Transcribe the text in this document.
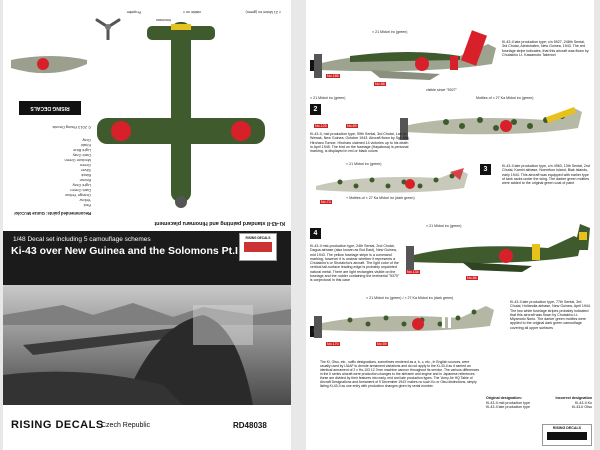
Ki-43-II standard painting and Hinomaru placement
Recommended paints: Gunze Mr.Color
Red
Yellow
Orange Yellow
Dark Green
Light Gray
Brown
Black
Silver
Green
Medium Green
Dark Gray
Light Blue
Khaki
Gray
© 2013 Rising Decals
RISING DECALS
Propeller	× 21 Midori iro (green)
visible on ×
hinomaru
1/48 Decal set including 5 camouflage schemes
Ki-43 over New Guinea and the Solomons Pt.I
RISING DECALS
RISING DECALS
Czech Republic	RD48038
× 21 Midori iro (green)
No.185
No.68
visible since "5927"
Ki-43-II late production type; c/n 5927, 248th Sentai, 3rd Chutai, Alexishafen, New Guinea, 1943. The red fuselage stripe indicates, that this aircraft was flown by Chutaicho Lt. Kawamoto Takenori
2
× 21 Midori iro (green)	Mottles of × 27 Ka Midori iro (green)
No.125	No.69
Ki-43-II, mid production type, 59th Sentai, 3rd Chutai, Lae or Wewak, New Guinea, October 1943. Aircraft flown by Sgt. Maj. Hiroharu Tomoe. Hiroharu claimed 14 victories up to his death in April 1945. The bird on the fuselage (Hayabusa) is personal marking, is displayed in red or black colors
3
× 21 Midori iro (green)
+ Mottles of × 27 Ka Midori iro (dark green)
No.73
Ki-43-II late production type, c/n 4963, 13th Sentai, 2nd Chutai, Kamiri airbase, Noemfoor Island, Biak Islands, early 1944. This aircraft was equipped with earlier type of tank racks under the wing. The darker green mottles were added to the original green coat of paint
4
× 21 Midori iro (green)
No.134
No.86
Ki-43-II mid-production type, 24th Sentai, 2nd Chutai, Dagua airbase (also known as But East), New Guinea, mid 1943. The yellow fuselage stripe is a command marking, however it is unclear whether it represents a Chutaicho's or Shotaicho's aircraft. The light color of the vertical tail-surface leading edge is probably unpainted natural metal. There are light rectangles visible on the fuselage and the rudder containing the text/serial "5370" is conjectural in this case
× 21 Midori iro (green) / × 27 Ka Midori iro (dark green)
No.170	No.59
Ki-43-II late production type, 77th Sentai, 3rd Chutai, Hollandia airbase, New Guinea, April 1944. The two white fuselage stripes probably indicated that this aircraft was flown by Chutaicho Lt. Miyamoto Norio. The darker green mottles were applied to the original dark green camouflage covering all upper surfaces
The Ki, Otsu, etc., suffix designations, sometimes rendered as a, b, c, etc., in English sources, were usually used by IJAAF to denote armament variations and do not apply to the Ki-43-II as it carried an identical armament of 2 x Ho-103 12.7mm machine cannon throughout its service. The various differences in the II series aircraft were production changes to the airframe and engine and in Japanese references these are divided by their features into early, mid and late production types. The 'Army Air HQ Table of Aircraft Designations and Armament of 9 December 1943' makes no such Ko or Otsu distinctions, simply listing Ki-43-II as one entry with production changes given by serial number.
Original designation:	Incorrect designation
Ki-43-II mid production type	Ki-43-II Ko
Ki-43-II late production type	Ki-43-II Otsu
RISING DECALS
